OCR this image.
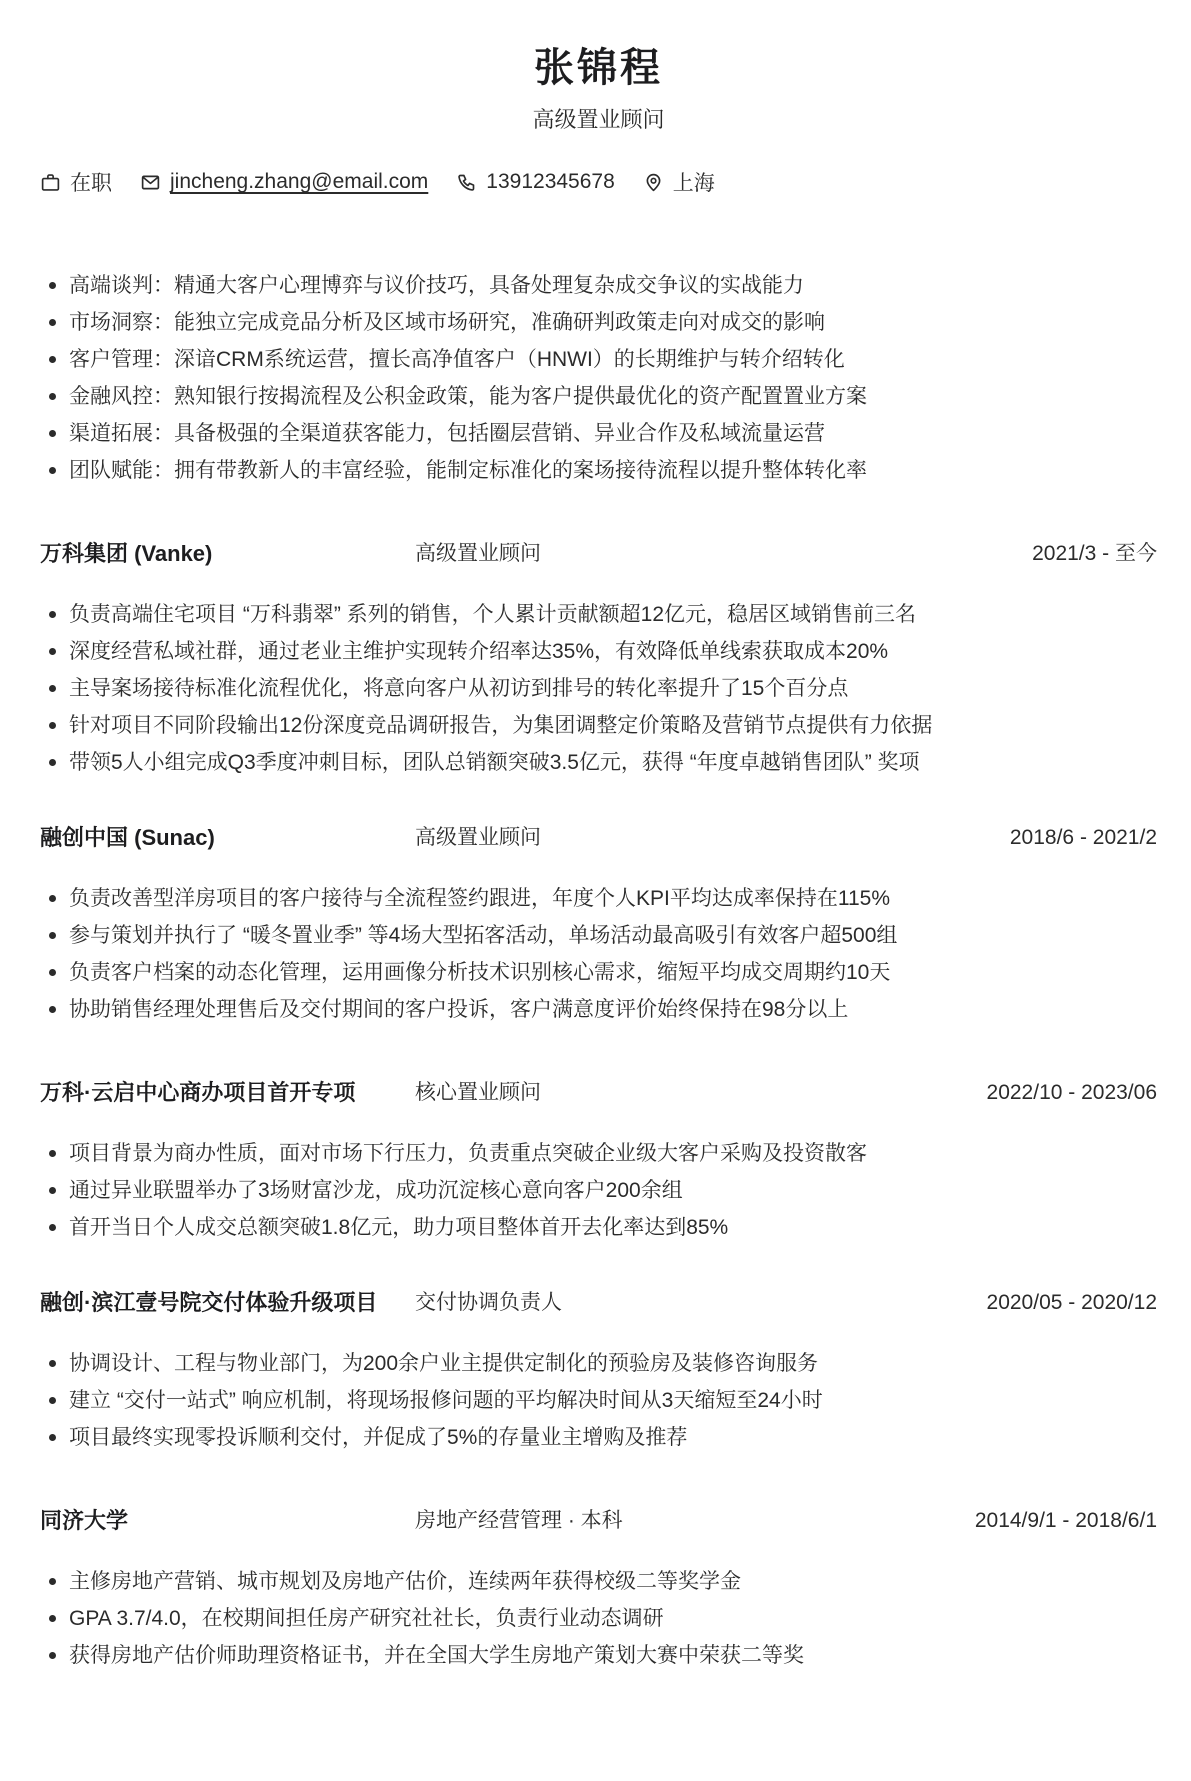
张锦程
高级置业顾问
在职	jincheng.zhang@email.com	13912345678	上海
高端谈判：精通大客户心理博弈与议价技巧，具备处理复杂成交争议的实战能力
市场洞察：能独立完成竞品分析及区域市场研究，准确研判政策走向对成交的影响
客户管理：深谙CRM系统运营，擅长高净值客户（HNWI）的长期维护与转介绍转化
金融风控：熟知银行按揭流程及公积金政策，能为客户提供最优化的资产配置置业方案
渠道拓展：具备极强的全渠道获客能力，包括圈层营销、异业合作及私域流量运营
团队赋能：拥有带教新人的丰富经验，能制定标准化的案场接待流程以提升整体转化率
万科集团 (Vanke)	高级置业顾问	2021/3 - 至今
负责高端住宅项目 “万科翡翠” 系列的销售，个人累计贡献额超12亿元，稳居区域销售前三名
深度经营私域社群，通过老业主维护实现转介绍率达35%，有效降低单线索获取成本20%
主导案场接待标准化流程优化，将意向客户从初访到排号的转化率提升了15个百分点
针对项目不同阶段输出12份深度竞品调研报告，为集团调整定价策略及营销节点提供有力依据
带领5人小组完成Q3季度冲刺目标，团队总销额突破3.5亿元，获得 “年度卓越销售团队” 奖项
融创中国 (Sunac)	高级置业顾问	2018/6 - 2021/2
负责改善型洋房项目的客户接待与全流程签约跟进，年度个人KPI平均达成率保持在115%
参与策划并执行了 “暖冬置业季” 等4场大型拓客活动，单场活动最高吸引有效客户超500组
负责客户档案的动态化管理，运用画像分析技术识别核心需求，缩短平均成交周期约10天
协助销售经理处理售后及交付期间的客户投诉，客户满意度评价始终保持在98分以上
万科·云启中心商办项目首开专项	核心置业顾问	2022/10 - 2023/06
项目背景为商办性质，面对市场下行压力，负责重点突破企业级大客户采购及投资散客
通过异业联盟举办了3场财富沙龙，成功沉淀核心意向客户200余组
首开当日个人成交总额突破1.8亿元，助力项目整体首开去化率达到85%
融创·滨江壹号院交付体验升级项目	交付协调负责人	2020/05 - 2020/12
协调设计、工程与物业部门，为200余户业主提供定制化的预验房及装修咨询服务
建立 “交付一站式” 响应机制，将现场报修问题的平均解决时间从3天缩短至24小时
项目最终实现零投诉顺利交付，并促成了5%的存量业主增购及推荐
同济大学	房地产经营管理 · 本科	2014/9/1 - 2018/6/1
主修房地产营销、城市规划及房地产估价，连续两年获得校级二等奖学金
GPA 3.7/4.0，在校期间担任房产研究社社长，负责行业动态调研
获得房地产估价师助理资格证书，并在全国大学生房地产策划大赛中荣获二等奖
